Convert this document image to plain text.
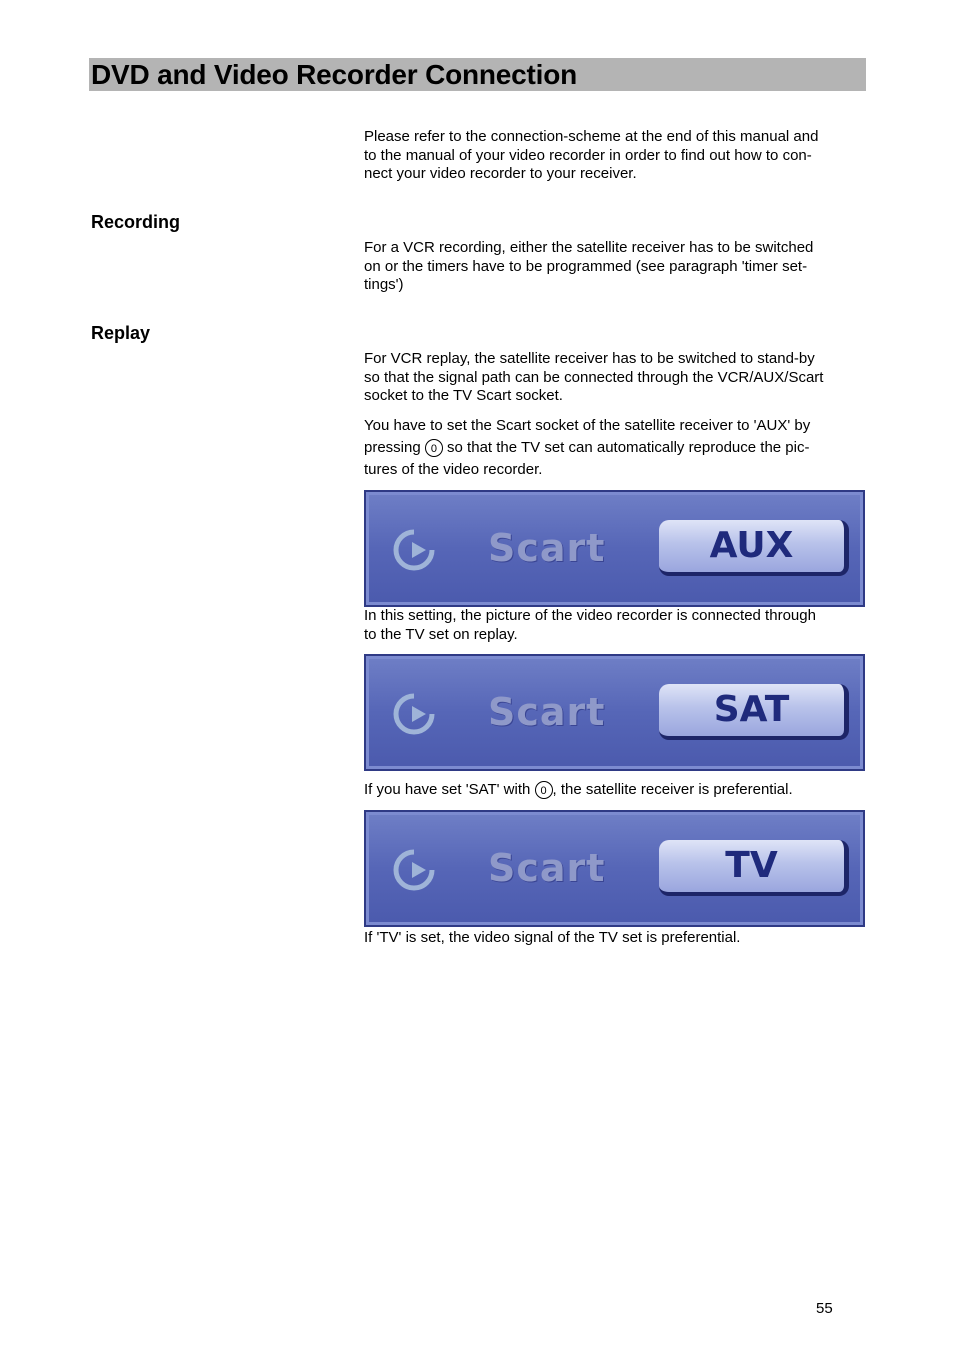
DVD and Video Recorder Connection

Please refer to the connection-scheme at the end of this manual and
to the manual of your video recorder in order to find out how to con-
nect your video recorder to your receiver.

Recording

For a VCR recording, either the satellite receiver has to be switched
on or the timers have to be programmed (see paragraph 'timer set-
tings')

Replay

For VCR replay, the satellite receiver has to be switched to stand-by
so that the signal path can be connected through the VCR/AUX/Scart
socket to the TV Scart socket.

You have to set the Scart socket of the satellite receiver to 'AUX' by
pressing 0 so that the TV set can automatically reproduce the pic-
tures of the video recorder.

Scart	AUX

In this setting, the picture of the video recorder is connected through
to the TV set on replay.

Scart	SAT

If you have set 'SAT' with 0 , the satellite receiver is preferential.

Scart	TV

If 'TV' is set, the video signal of the TV set is preferential.

55
